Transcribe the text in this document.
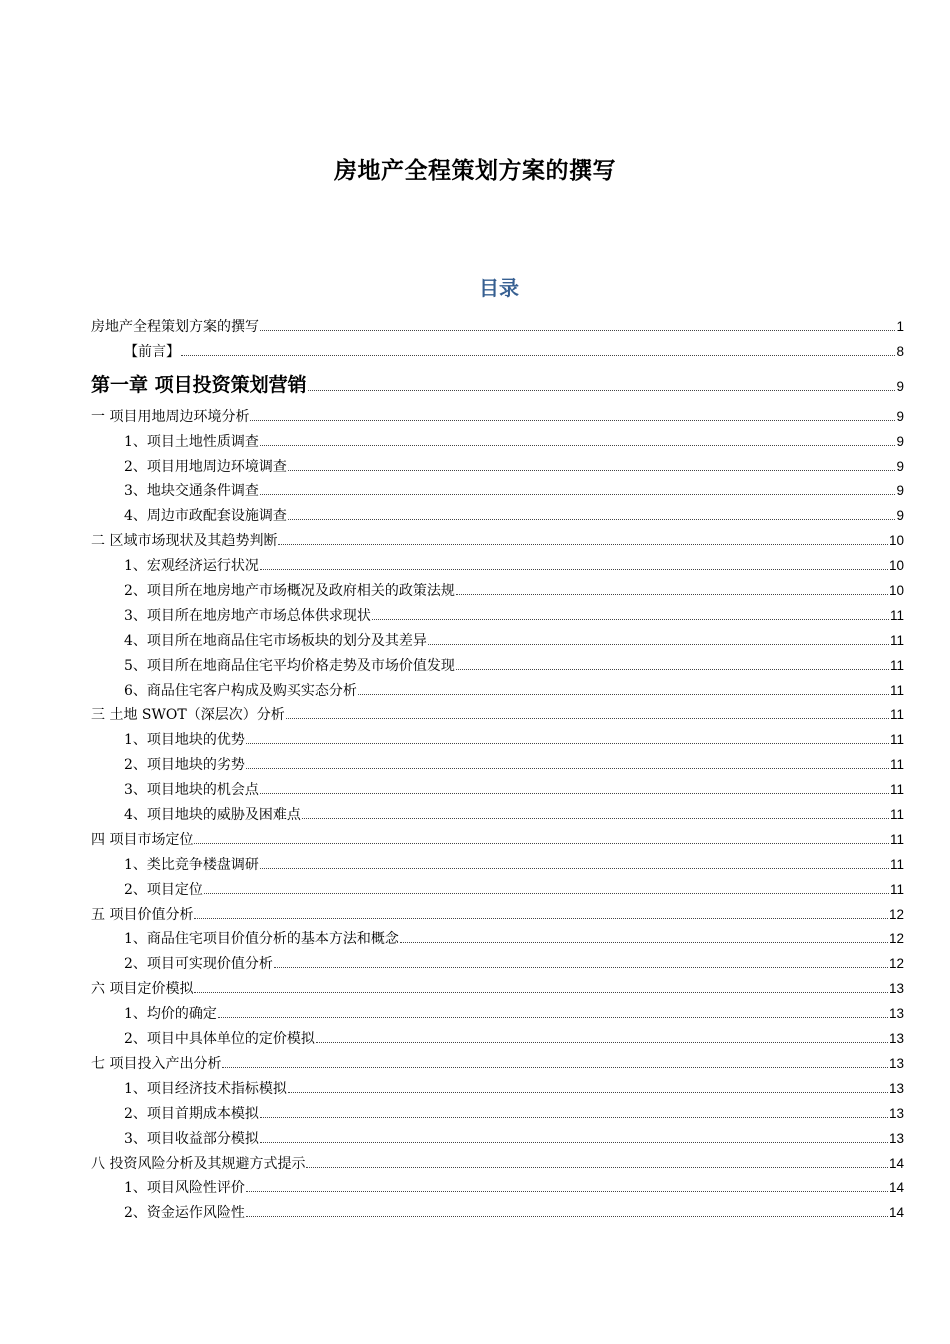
房地产全程策划方案的撰写
目录
房地产全程策划方案的撰写	1
【前言】	8
第一章 项目投资策划营销	9
一 项目用地周边环境分析	9
1、项目土地性质调查	9
2、项目用地周边环境调查	9
3、地块交通条件调查	9
4、周边市政配套设施调查	9
二 区域市场现状及其趋势判断	10
1、宏观经济运行状况	10
2、项目所在地房地产市场概况及政府相关的政策法规	10
3、项目所在地房地产市场总体供求现状	11
4、项目所在地商品住宅市场板块的划分及其差异	11
5、项目所在地商品住宅平均价格走势及市场价值发现	11
6、商品住宅客户构成及购买实态分析	11
三 土地 SWOT（深层次）分析	11
1、项目地块的优势	11
2、项目地块的劣势	11
3、项目地块的机会点	11
4、项目地块的威胁及困难点	11
四 项目市场定位	11
1、类比竞争楼盘调研	11
2、项目定位	11
五 项目价值分析	12
1、商品住宅项目价值分析的基本方法和概念	12
2、项目可实现价值分析	12
六 项目定价模拟	13
1、均价的确定	13
2、项目中具体单位的定价模拟	13
七 项目投入产出分析	13
1、项目经济技术指标模拟	13
2、项目首期成本模拟	13
3、项目收益部分模拟	13
八 投资风险分析及其规避方式提示	14
1、项目风险性评价	14
2、资金运作风险性	14
